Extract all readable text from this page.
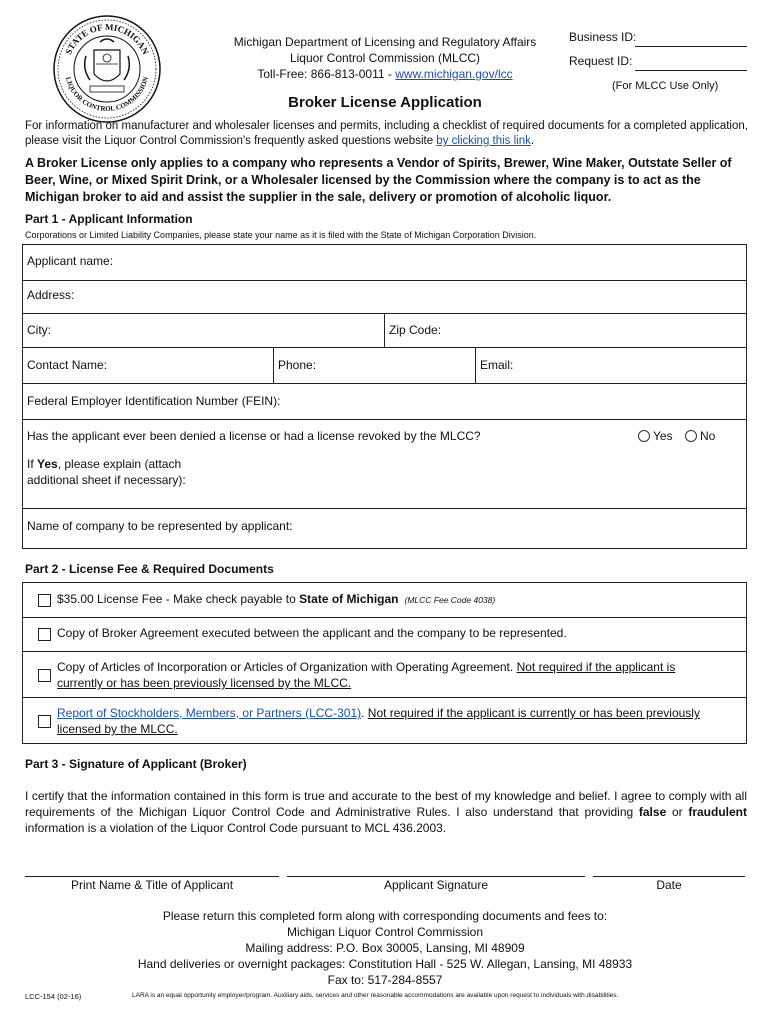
STATE OF MICHIGAN
LIQUOR CONTROL COMMISSION
Michigan Department of Licensing and Regulatory Affairs
Liquor Control Commission (MLCC)
Toll-Free: 866-813-0011 - www.michigan.gov/lcc
Business ID:
Request ID:
(For MLCC Use Only)
Broker License Application
For information on manufacturer and wholesaler licenses and permits, including a checklist of required documents for a completed application, please visit the Liquor Control Commission's frequently asked questions website by clicking this link.
A Broker License only applies to a company who represents a Vendor of Spirits, Brewer, Wine Maker, Outstate Seller of Beer, Wine, or Mixed Spirit Drink, or a Wholesaler licensed by the Commission where the company is to act as the Michigan broker to aid and assist the supplier in the sale, delivery or promotion of alcoholic liquor.
Part 1 - Applicant Information
Corporations or Limited Liability Companies, please state your name as it is filed with the State of Michigan Corporation Division.
Applicant name:
Address:
City:	Zip Code:
Contact Name:	Phone:	Email:
Federal Employer Identification Number (FEIN):
Has the applicant ever been denied a license or had a license revoked by the MLCC?	Yes	No
If Yes, please explain (attach
additional sheet if necessary):
Name of company to be represented by applicant:
Part 2 - License Fee & Required Documents
$35.00 License Fee - Make check payable to State of Michigan (MLCC Fee Code 4038)
Copy of Broker Agreement executed between the applicant and the company to be represented.
Copy of Articles of Incorporation or Articles of Organization with Operating Agreement. Not required if the applicant is
currently or has been previously licensed by the MLCC.
Report of Stockholders, Members, or Partners (LCC-301). Not required if the applicant is currently or has been previously
licensed by the MLCC.
Part 3 - Signature of Applicant (Broker)
I certify that the information contained in this form is true and accurate to the best of my knowledge and belief. I agree to comply with all requirements of the Michigan Liquor Control Code and Administrative Rules. I also understand that providing false or fraudulent information is a violation of the Liquor Control Code pursuant to MCL 436.2003.
Print Name & Title of Applicant	Applicant Signature	Date
Please return this completed form along with corresponding documents and fees to:
Michigan Liquor Control Commission
Mailing address: P.O. Box 30005, Lansing, MI 48909
Hand deliveries or overnight packages: Constitution Hall - 525 W. Allegan, Lansing, MI 48933
Fax to: 517-284-8557
LCC-154 (02-16)	LARA is an equal opportunity employer/program. Auxiliary aids, services and other reasonable accommodations are available upon request to individuals with disabilities.
